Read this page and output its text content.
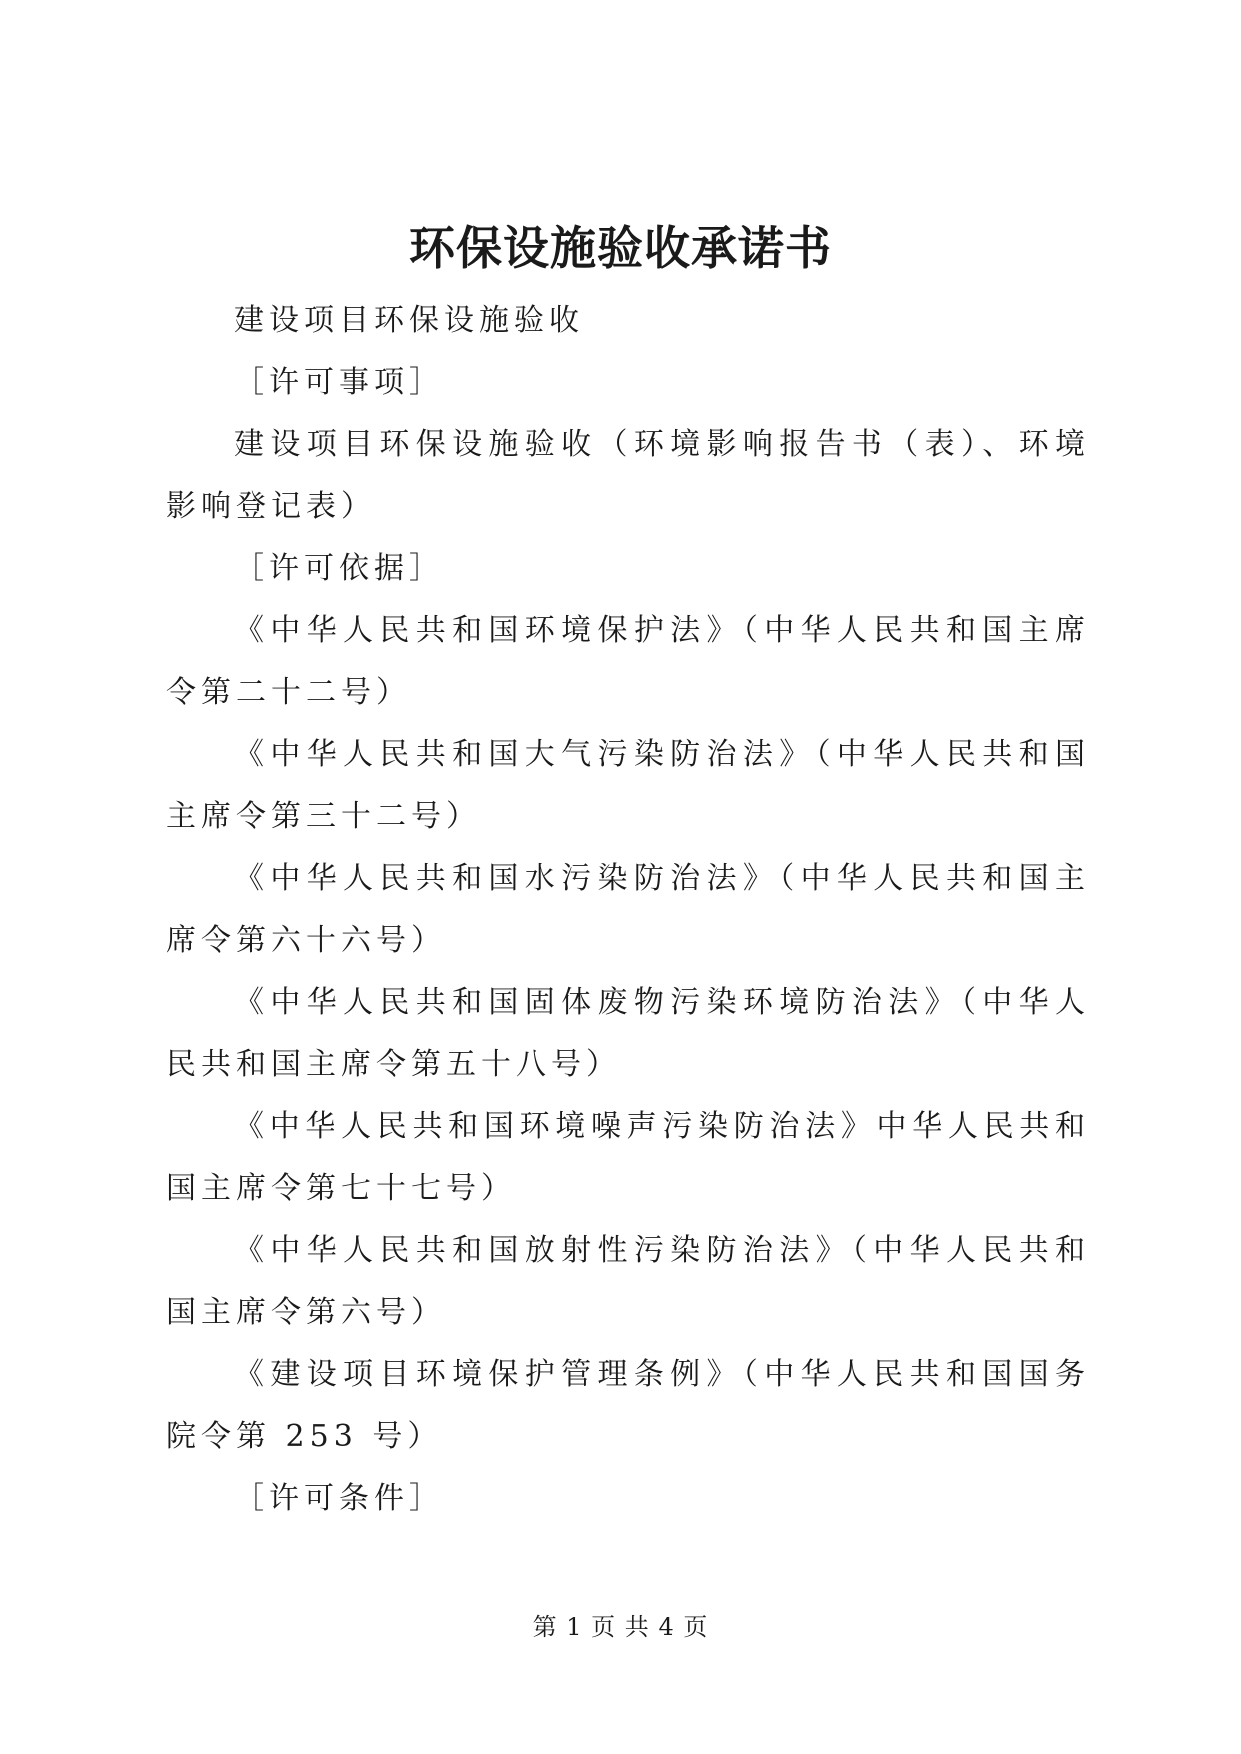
环保设施验收承诺书

建设项目环保设施验收

［许可事项］

建设项目环保设施验收（环境影响报告书（表）、环境影响登记表）

［许可依据］

《中华人民共和国环境保护法》（中华人民共和国主席令第二十二号）

《中华人民共和国大气污染防治法》（中华人民共和国主席令第三十二号）

《中华人民共和国水污染防治法》（中华人民共和国主席令第六十六号）

《中华人民共和国固体废物污染环境防治法》（中华人民共和国主席令第五十八号）

《中华人民共和国环境噪声污染防治法》中华人民共和国主席令第七十七号）

《中华人民共和国放射性污染防治法》（中华人民共和国主席令第六号）

《建设项目环境保护管理条例》（中华人民共和国国务院令第 253 号）

［许可条件］

第 1 页 共 4 页
